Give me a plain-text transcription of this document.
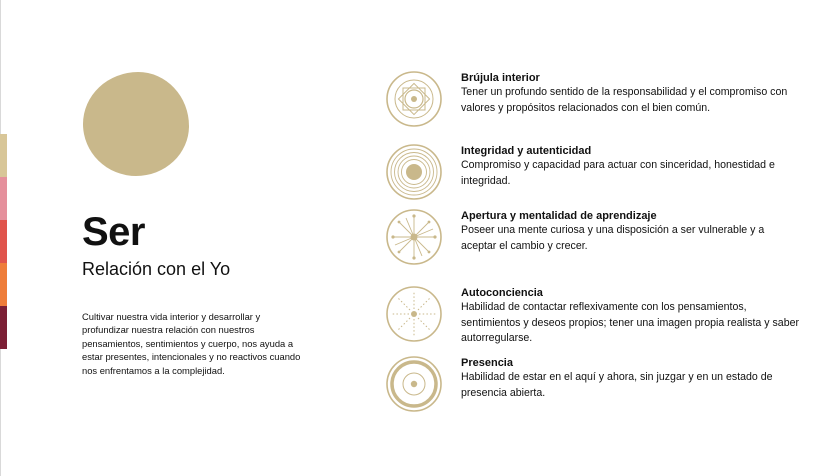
Ser
Relación con el Yo
Cultivar nuestra vida interior y desarrollar y profundizar nuestra relación con nuestros pensamientos, sentimientos y cuerpo, nos ayuda a estar presentes, intencionales y no reactivos cuando nos enfrentamos a la complejidad.
Brújula interior
Tener un profundo sentido de la responsabilidad y el compromiso con valores y propósitos relacionados con el bien común.
Integridad y autenticidad
Compromiso y capacidad para actuar con sinceridad, honestidad e integridad.
Apertura y mentalidad de aprendizaje
Poseer una mente curiosa y una disposición a ser vulnerable y a aceptar el cambio y crecer.
Autoconciencia
Habilidad de contactar reflexivamente con los pensamientos, sentimientos y deseos propios; tener una imagen propia realista y saber autorregularse.
Presencia
Habilidad de estar en el aquí y ahora, sin juzgar y en un estado de presencia abierta.
